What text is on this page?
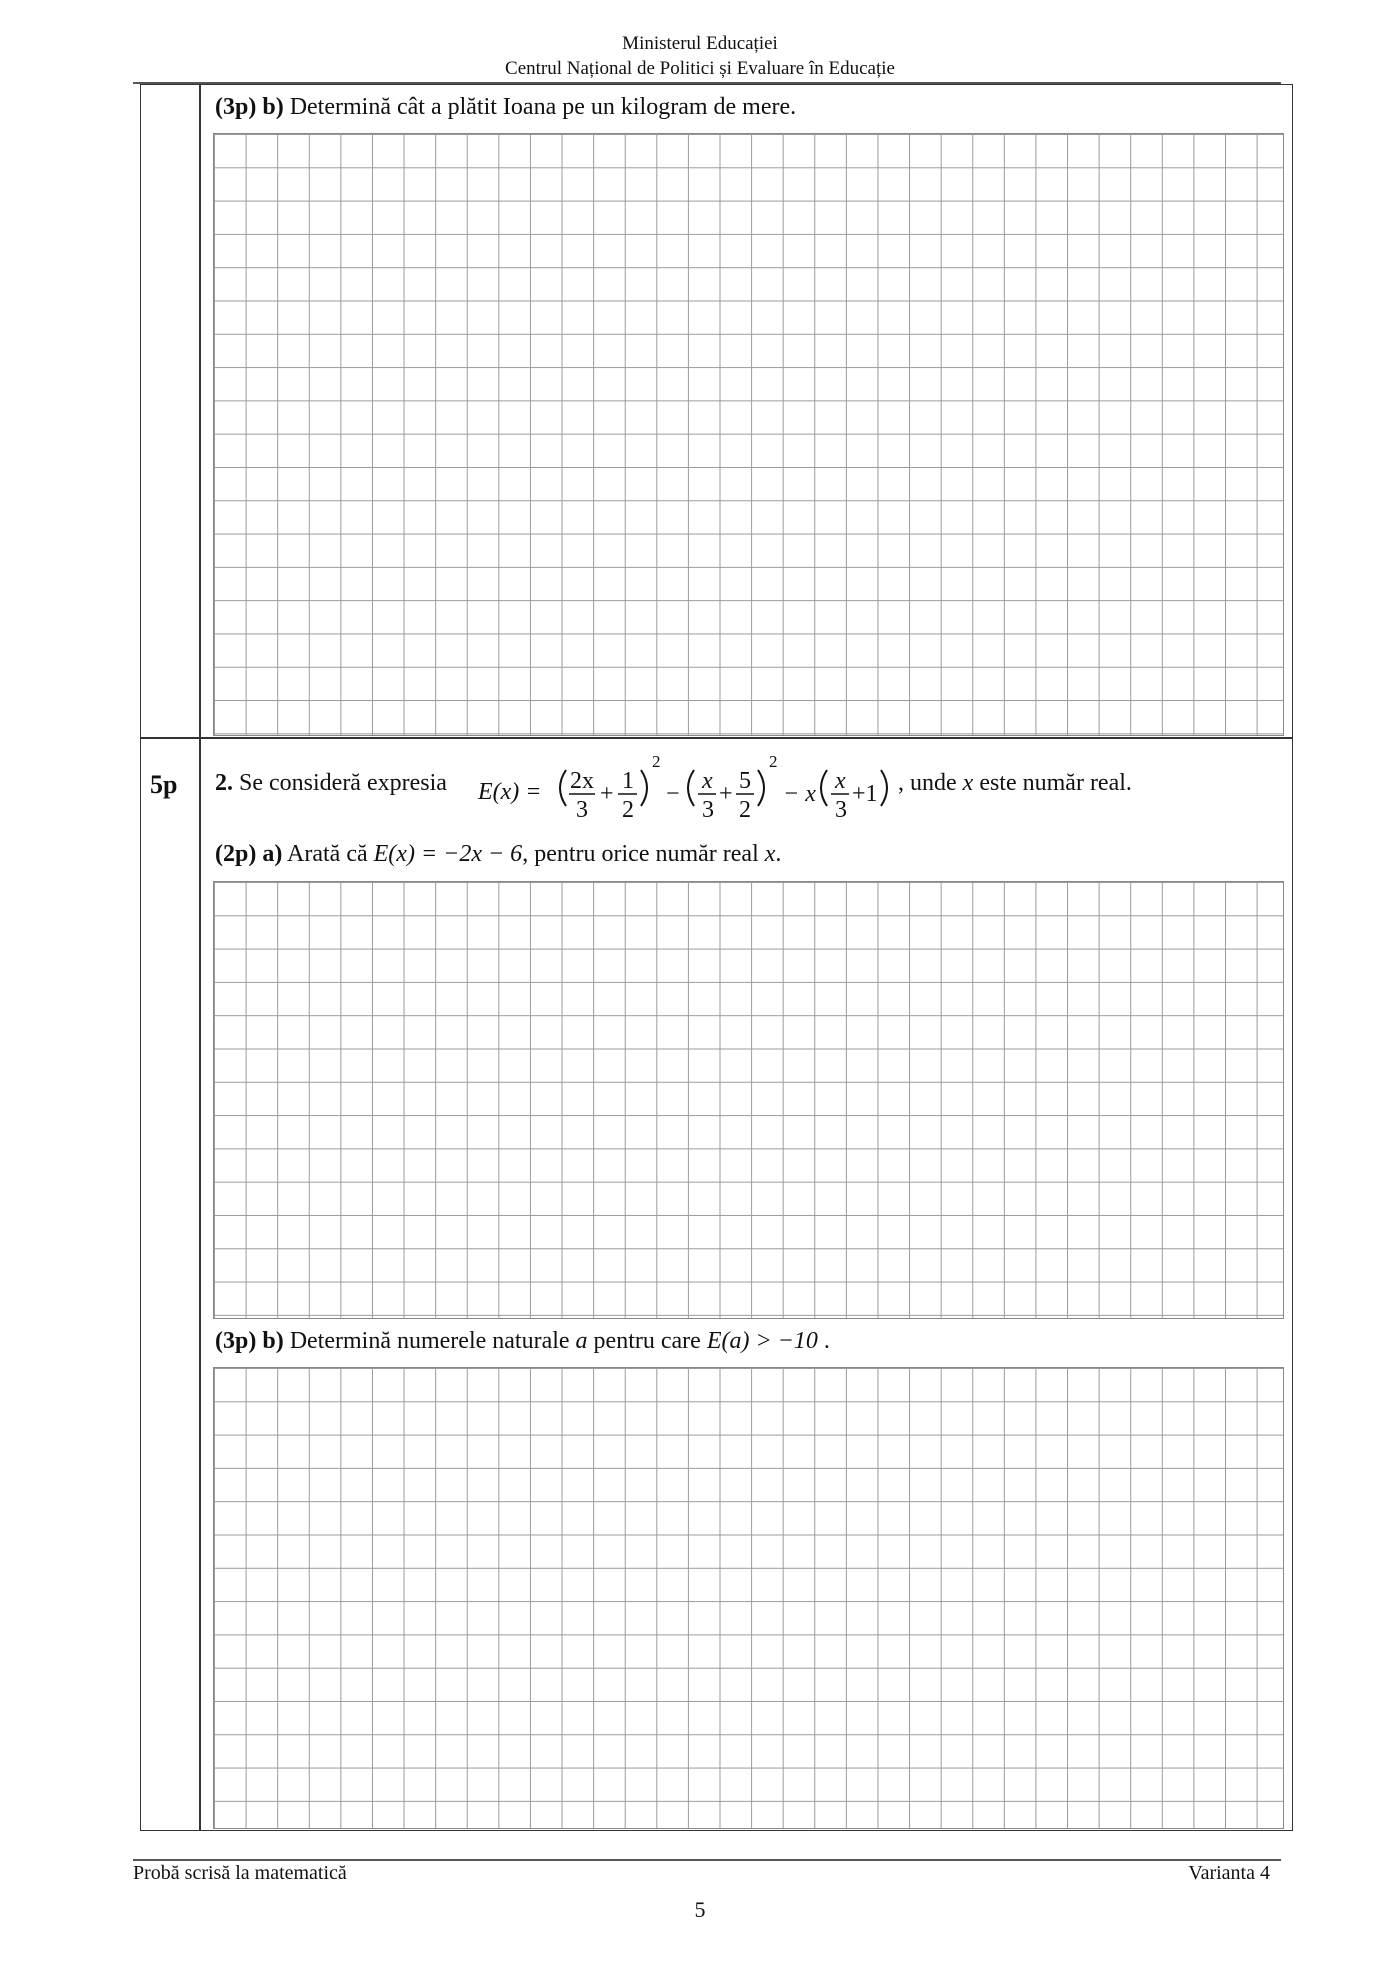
Ministerul Educației
Centrul Național de Politici și Evaluare în Educație
(3p) b) Determină cât a plătit Ioana pe un kilogram de mere.
5p	2. Se consideră expresia E(x) = 2x
3
+ 1
2
2
− x
3
+ 5
2
2
− x x
3
+1 , unde x este număr real.
(2p) a) Arată că E(x) = −2x − 6, pentru orice număr real x.
(3p) b) Determină numerele naturale a pentru care E(a) > −10 .
Probă scrisă la matematică	Varianta 4
5
